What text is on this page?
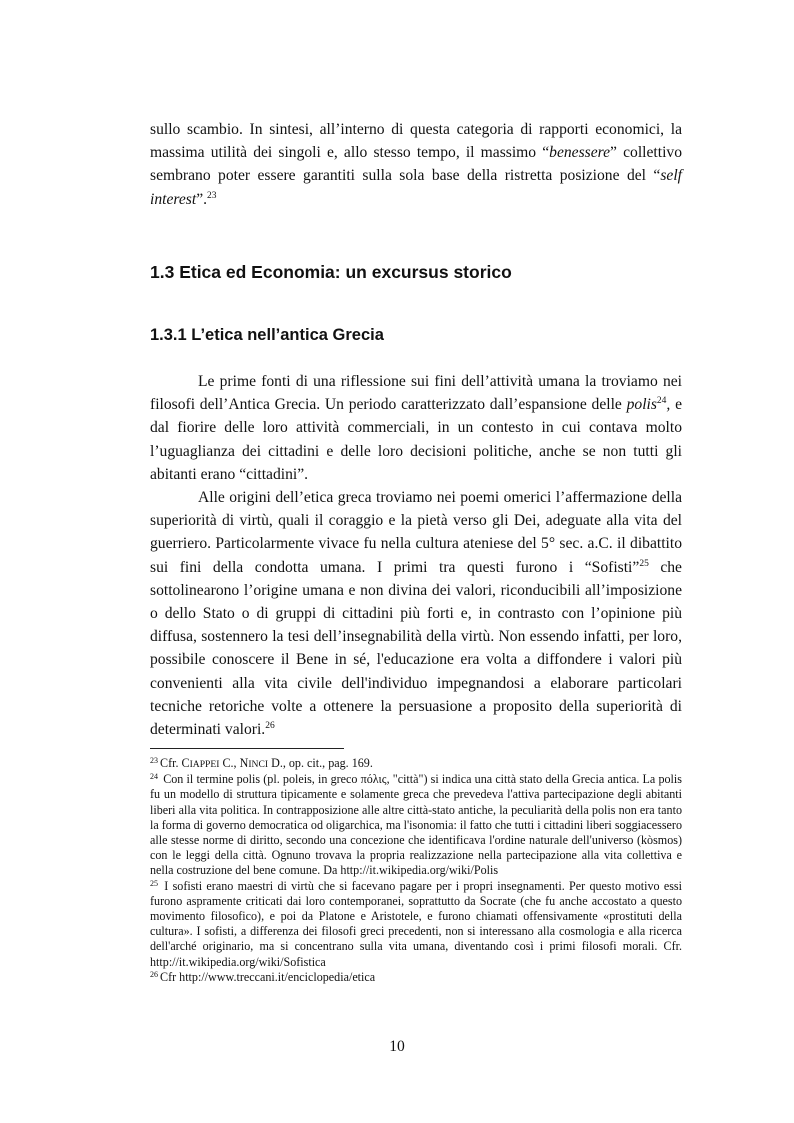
sullo scambio. In sintesi, all’interno di questa categoria di rapporti economici, la massima utilità dei singoli e, allo stesso tempo, il massimo “benessere” collettivo sembrano poter essere garantiti sulla sola base della ristretta posizione del “self interest”.$^{23}$

1.3 Etica ed Economia: un excursus storico
1.3.1 L’etica nell’antica Grecia

Le prime fonti di una riflessione sui fini dell’attività umana la troviamo nei filosofi dell’Antica Grecia. Un periodo caratterizzato dall’espansione delle polis$^{24}$, e dal fiorire delle loro attività commerciali, in un contesto in cui contava molto l’uguaglianza dei cittadini e delle loro decisioni politiche, anche se non tutti gli abitanti erano “cittadini”.

Alle origini dell’etica greca troviamo nei poemi omerici l’affermazione della superiorità di virtù, quali il coraggio e la pietà verso gli Dei, adeguate alla vita del guerriero. Particolarmente vivace fu nella cultura ateniese del 5° sec. a.C. il dibattito sui fini della condotta umana. I primi tra questi furono i “Sofisti”$^{25}$ che sottolinearono l’origine umana e non divina dei valori, riconducibili all’imposizione o dello Stato o di gruppi di cittadini più forti e, in contrasto con l’opinione più diffusa, sostennero la tesi dell’insegnabilità della virtù. Non essendo infatti, per loro, possibile conoscere il Bene in sé, l'educazione era volta a diffondere i valori più convenienti alla vita civile dell'individuo impegnandosi a elaborare particolari tecniche retoriche volte a ottenere la persuasione a proposito della superiorità di determinati valori.$^{26}$

$^{23}$ Cfr. CIAPPEI C., NINCI D., op. cit., pag. 169.

$^{24}$ Con il termine polis (pl. poleis, in greco πόλις, "città") si indica una città stato della Grecia antica. La polis fu un modello di struttura tipicamente e solamente greca che prevedeva l'attiva partecipazione degli abitanti liberi alla vita politica. In contrapposizione alle altre città-stato antiche, la peculiarità della polis non era tanto la forma di governo democratica od oligarchica, ma l'isonomia: il fatto che tutti i cittadini liberi soggiacessero alle stesse norme di diritto, secondo una concezione che identificava l'ordine naturale dell'universo (kòsmos) con le leggi della città. Ognuno trovava la propria realizzazione nella partecipazione alla vita collettiva e nella costruzione del bene comune. Da http://it.wikipedia.org/wiki/Polis

$^{25}$ I sofisti erano maestri di virtù che si facevano pagare per i propri insegnamenti. Per questo motivo essi furono aspramente criticati dai loro contemporanei, soprattutto da Socrate (che fu anche accostato a questo movimento filosofico), e poi da Platone e Aristotele, e furono chiamati offensivamente «prostituti della cultura». I sofisti, a differenza dei filosofi greci precedenti, non si interessano alla cosmologia e alla ricerca dell'arché originario, ma si concentrano sulla vita umana, diventando così i primi filosofi morali. Cfr. http://it.wikipedia.org/wiki/Sofistica

$^{26}$ Cfr http://www.treccani.it/enciclopedia/etica

10
